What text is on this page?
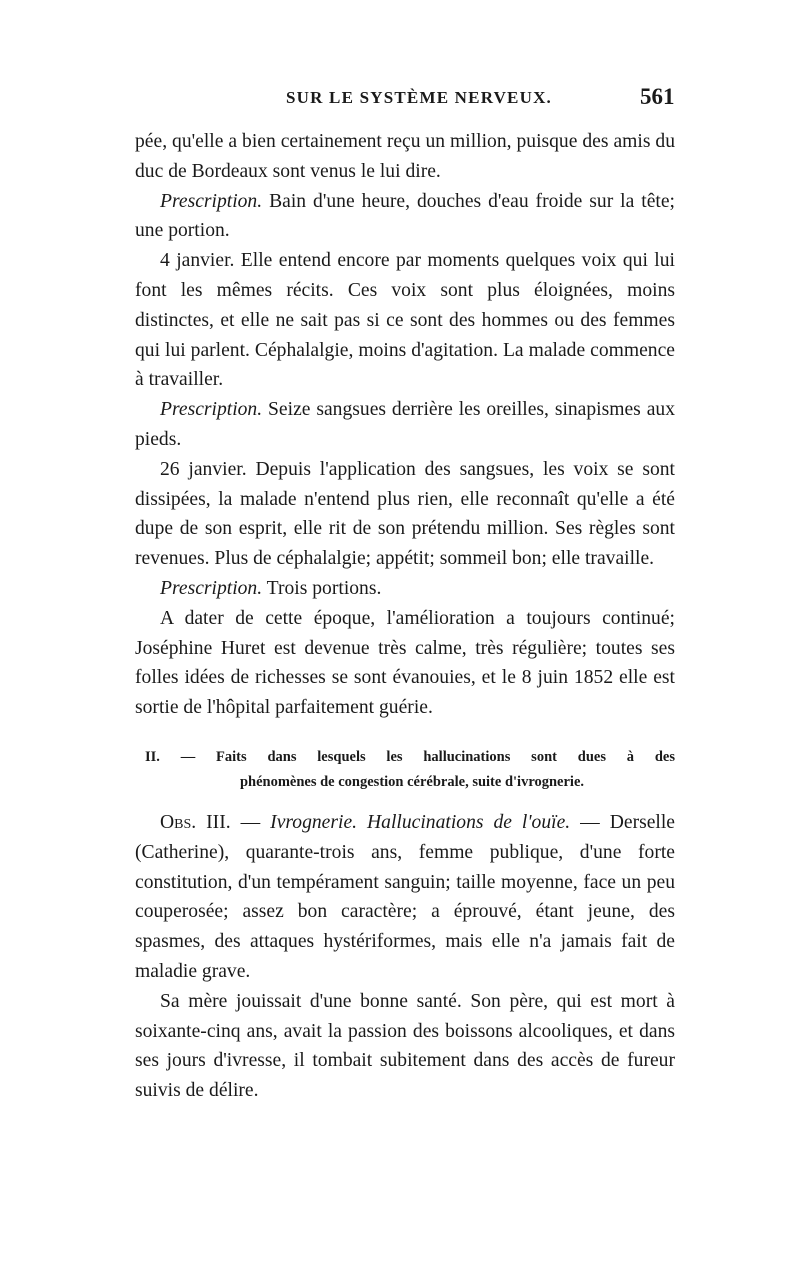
SUR LE SYSTÈME NERVEUX.	561

pée, qu'elle a bien certainement reçu un million, puisque des amis du duc de Bordeaux sont venus le lui dire.

Prescription. Bain d'une heure, douches d'eau froide sur la tête; une portion.

4 janvier. Elle entend encore par moments quelques voix qui lui font les mêmes récits. Ces voix sont plus éloignées, moins distinctes, et elle ne sait pas si ce sont des hommes ou des femmes qui lui parlent. Céphalalgie, moins d'agitation. La malade commence à travailler.

Prescription. Seize sangsues derrière les oreilles, sinapismes aux pieds.

26 janvier. Depuis l'application des sangsues, les voix se sont dissipées, la malade n'entend plus rien, elle reconnaît qu'elle a été dupe de son esprit, elle rit de son prétendu million. Ses règles sont revenues. Plus de céphalalgie; appétit; sommeil bon; elle travaille.

Prescription. Trois portions.

A dater de cette époque, l'amélioration a toujours continué; Joséphine Huret est devenue très calme, très régulière; toutes ses folles idées de richesses se sont évanouies, et le 8 juin 1852 elle est sortie de l'hôpital parfaitement guérie.

II. — Faits dans lesquels les hallucinations sont dues à des
phénomènes de congestion cérébrale, suite d'ivrognerie.

Obs. III. — Ivrognerie. Hallucinations de l'ouïe. — Derselle (Catherine), quarante-trois ans, femme publique, d'une forte constitution, d'un tempérament sanguin; taille moyenne, face un peu couperosée; assez bon caractère; a éprouvé, étant jeune, des spasmes, des attaques hystériformes, mais elle n'a jamais fait de maladie grave.

Sa mère jouissait d'une bonne santé. Son père, qui est mort à soixante-cinq ans, avait la passion des boissons alcooliques, et dans ses jours d'ivresse, il tombait subitement dans des accès de fureur suivis de délire.
